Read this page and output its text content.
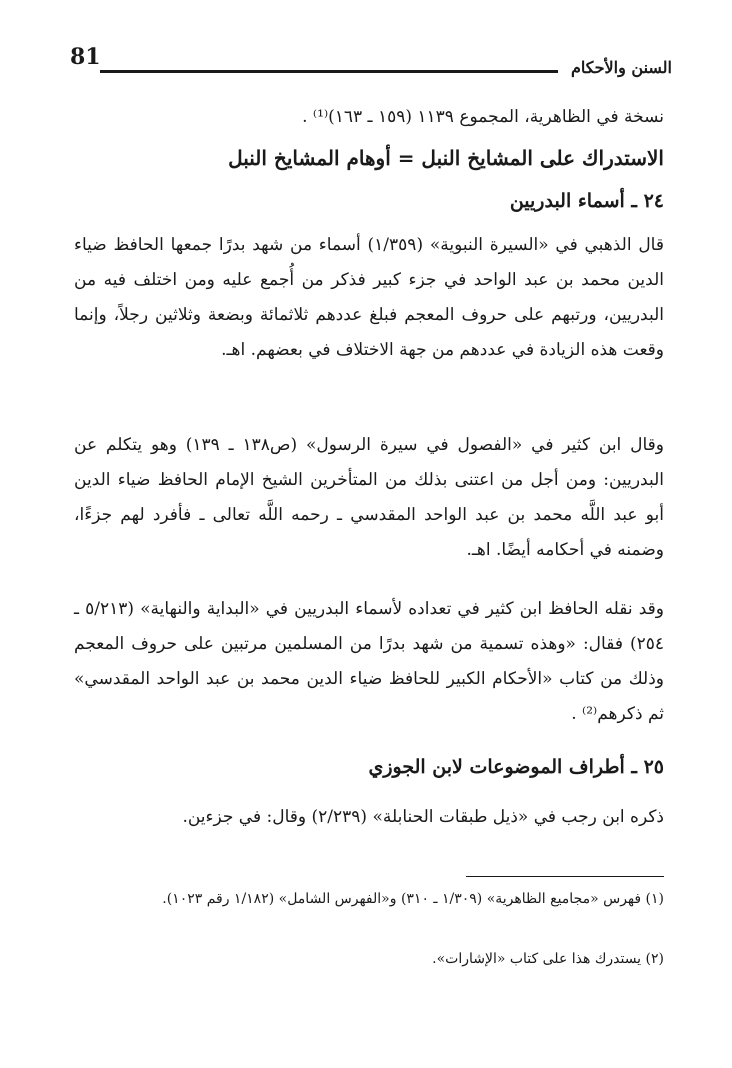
81	السنن والأحكام
نسخة في الظاهرية، المجموع ١١٣٩ (١٥٩ ـ ١٦٣)⁽¹⁾ .
الاستدراك على المشايخ النبل = أوهام المشايخ النبل
٢٤ ـ أسماء البدريين
قال الذهبي في «السيرة النبوية» (١/٣٥٩) أسماء من شهد بدرًا جمعها الحافظ ضياء الدين محمد بن عبد الواحد في جزء كبير فذكر من أُجمع عليه ومن اختلف فيه من البدريين، ورتبهم على حروف المعجم فبلغ عددهم ثلاثمائة وبضعة وثلاثين رجلاً، وإنما وقعت هذه الزيادة في عددهم من جهة الاختلاف في بعضهم. اهـ.
وقال ابن كثير في «الفصول في سيرة الرسول» (ص١٣٨ ـ ١٣٩) وهو يتكلم عن البدريين: ومن أجل من اعتنى بذلك من المتأخرين الشيخ الإمام الحافظ ضياء الدين أبو عبد اللَّه محمد بن عبد الواحد المقدسي ـ رحمه اللَّه تعالى ـ فأفرد لهم جزءًا، وضمنه في أحكامه أيضًا. اهـ.
وقد نقله الحافظ ابن كثير في تعداده لأسماء البدريين في «البداية والنهاية» (٥/٢١٣ ـ ٢٥٤) فقال: «وهذه تسمية من شهد بدرًا من المسلمين مرتبين على حروف المعجم وذلك من كتاب «الأحكام الكبير للحافظ ضياء الدين محمد بن عبد الواحد المقدسي» ثم ذكرهم⁽²⁾ .
٢٥ ـ أطراف الموضوعات لابن الجوزي
ذكره ابن رجب في «ذيل طبقات الحنابلة» (٢/٢٣٩) وقال: في جزءين.
(١) فهرس «مجاميع الظاهرية» (١/٣٠٩ ـ ٣١٠) و«الفهرس الشامل» (١/١٨٢ رقم ١٠٢٣).
(٢) يستدرك هذا على كتاب «الإشارات».
